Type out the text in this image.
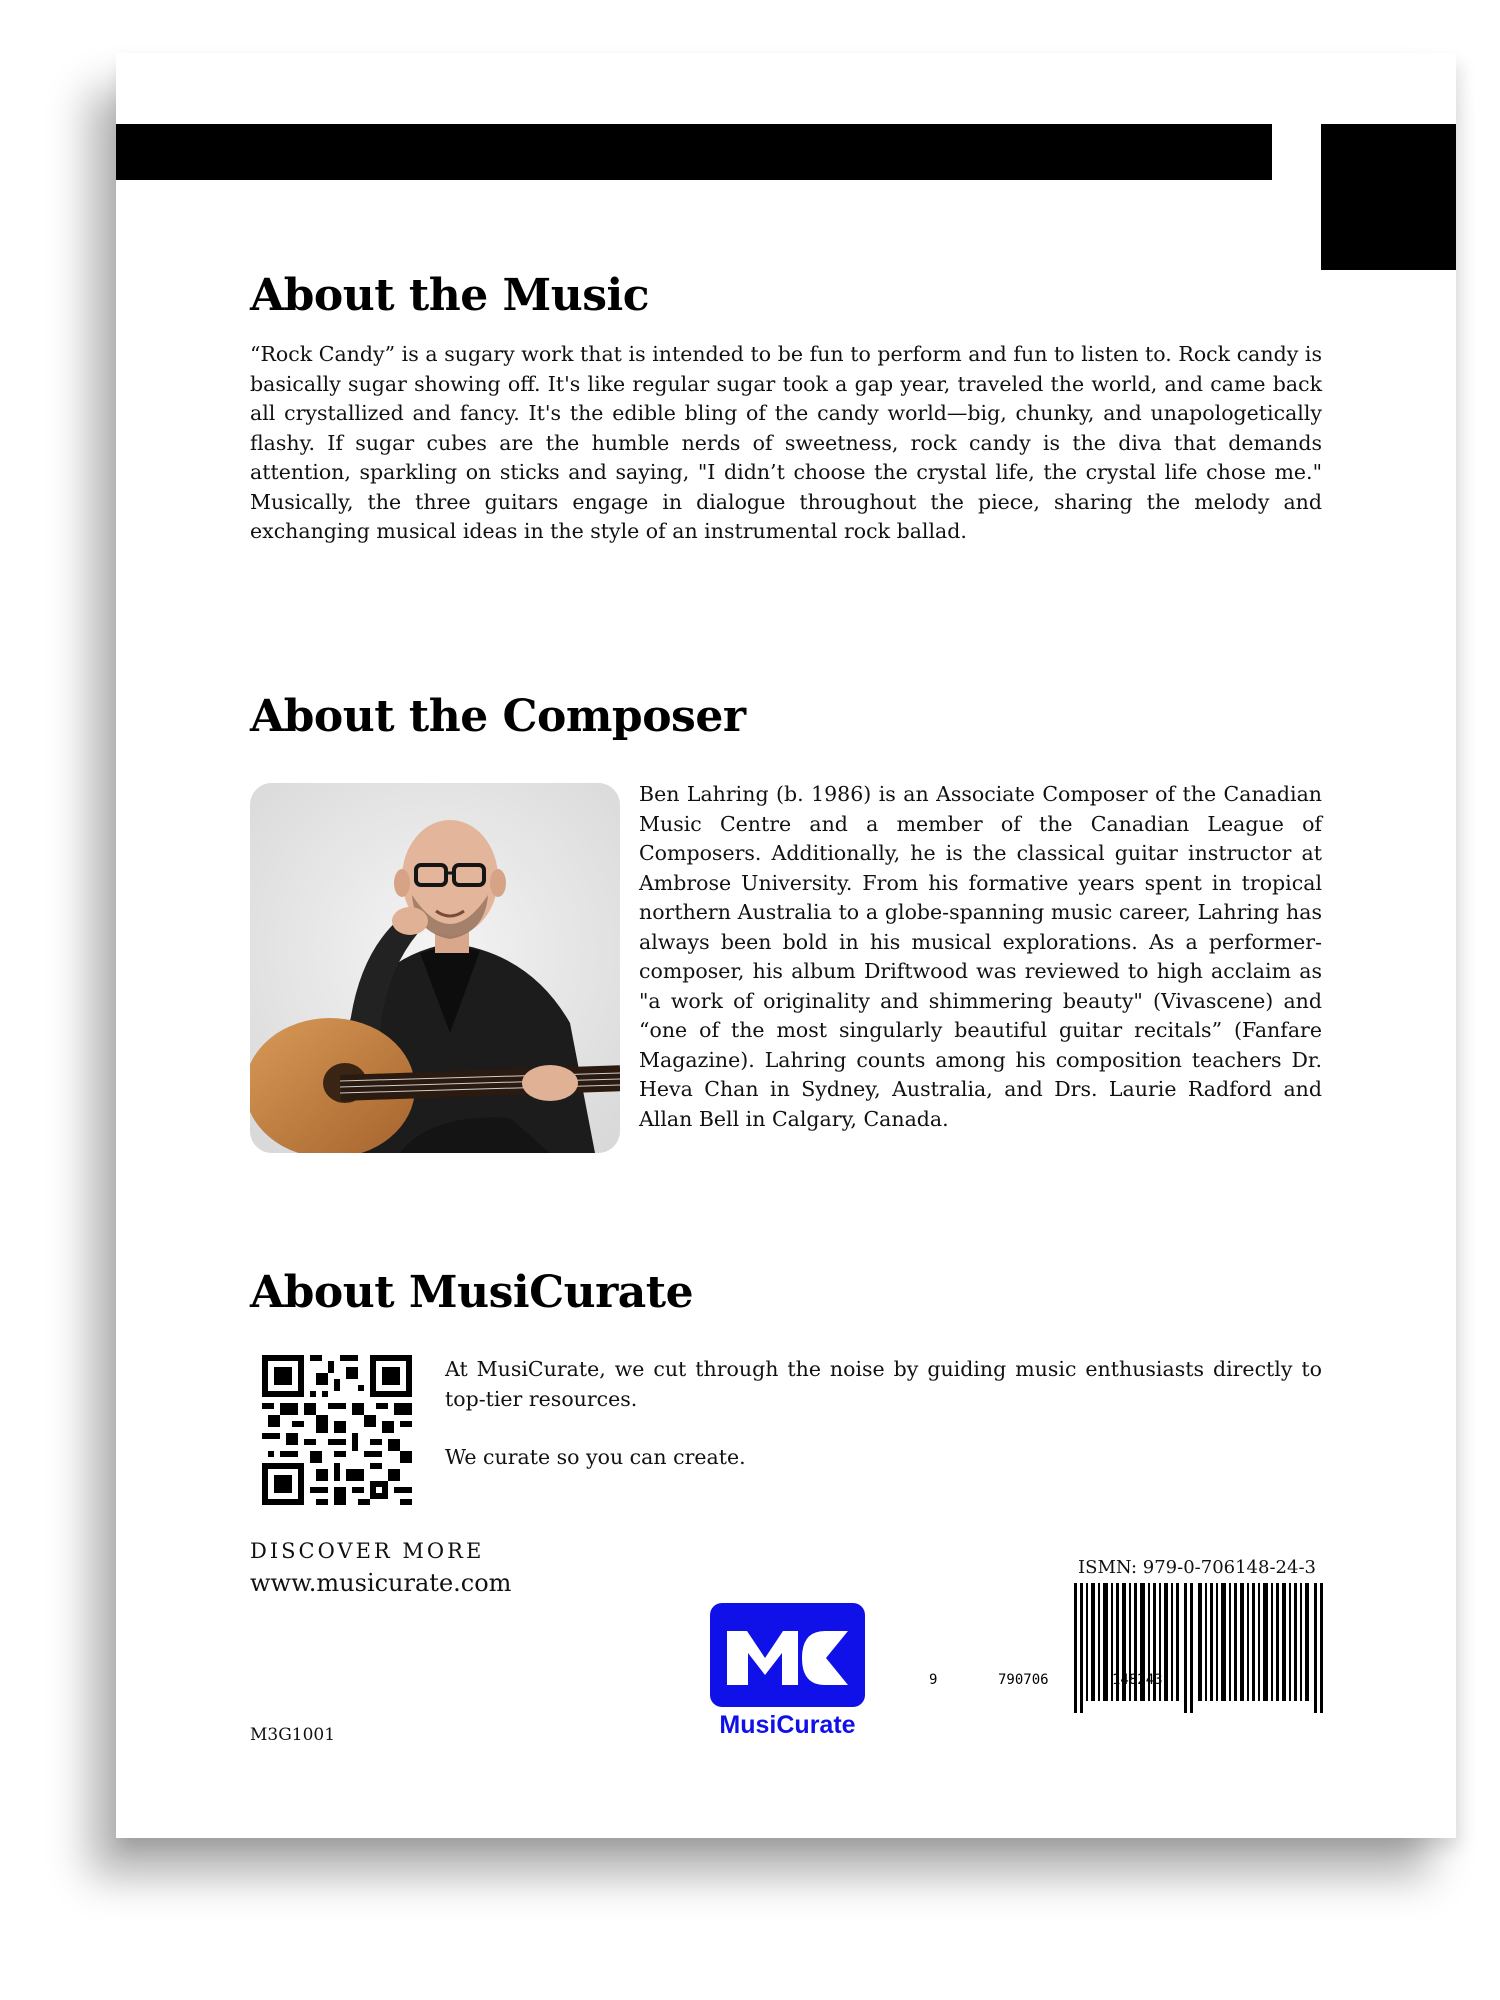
About the Music

“Rock Candy” is a sugary work that is intended to be fun to perform and fun to listen to. Rock candy is basically sugar showing off. It's like regular sugar took a gap year, traveled the world, and came back all crystallized and fancy. It's the edible bling of the candy world—big, chunky, and unapologetically flashy. If sugar cubes are the humble nerds of sweetness, rock candy is the diva that demands attention, sparkling on sticks and saying, "I didn’t choose the crystal life, the crystal life chose me." Musically, the three guitars engage in dialogue throughout the piece, sharing the melody and exchanging musical ideas in the style of an instrumental rock ballad.

About the Composer

Ben Lahring (b. 1986) is an Associate Composer of the Canadian Music Centre and a member of the Canadian League of Composers. Additionally, he is the classical guitar instructor at Ambrose University. From his formative years spent in tropical northern Australia to a globe-spanning music career, Lahring has always been bold in his musical explorations. As a performer-composer, his album Driftwood was reviewed to high acclaim as "a work of originality and shimmering beauty" (Vivascene) and “one of the most singularly beautiful guitar recitals” (Fanfare Magazine). Lahring counts among his composition teachers Dr. Heva Chan in Sydney, Australia, and Drs. Laurie Radford and Allan Bell in Calgary, Canada.

About MusiCurate

At MusiCurate, we cut through the noise by guiding music enthusiasts directly to top-tier resources.

We curate so you can create.

DISCOVER MORE

www.musicurate.com

M3G1001	MusiCurate

ISMN: 979-0-706148-24-3

9	790706	148243
